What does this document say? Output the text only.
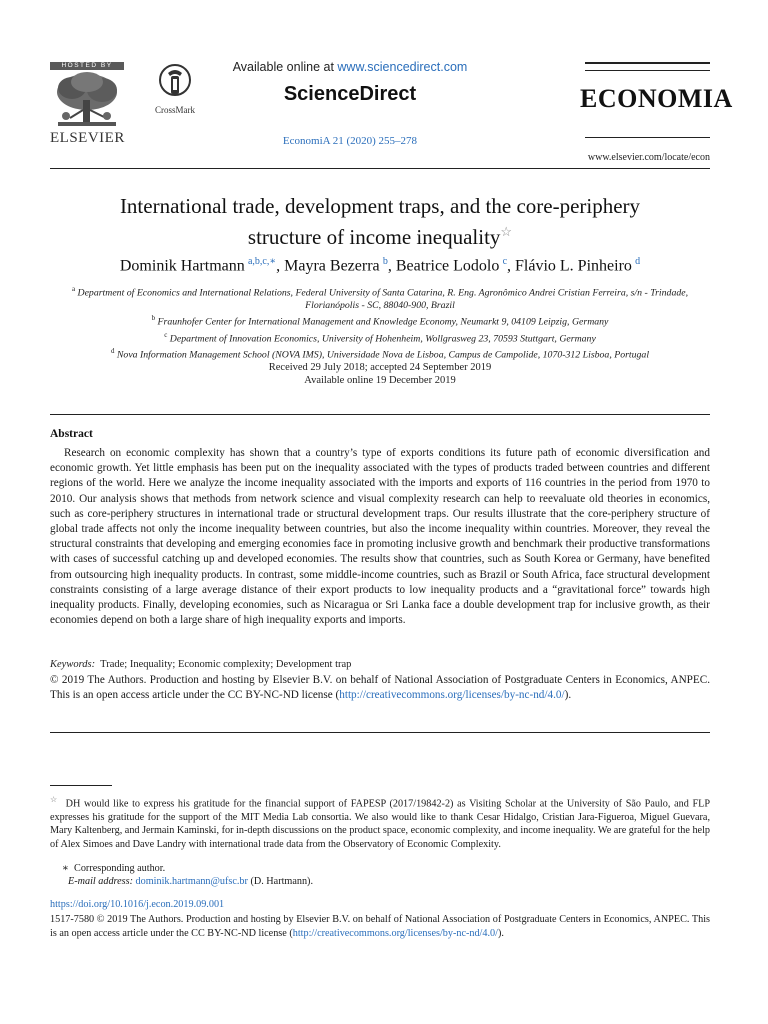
HOSTED BY
ELSEVIER
CrossMark
Available online at www.sciencedirect.com
ScienceDirect
EconomiA 21 (2020) 255–278
ECONOMIA
www.elsevier.com/locate/econ
International trade, development traps, and the core-periphery
structure of income inequality☆
Dominik Hartmann  $^{a,b,c,∗}$, Mayra Bezerra  $^b$, Beatrice Lodolo  $^c$, Flávio L. Pinheiro  $^d$

$^a$ Department of Economics and International Relations, Federal University of Santa Catarina, R. Eng. Agronômico Andrei Cristian Ferreira, s/n - Trindade, Florianópolis - SC, 88040-900, Brazil

$^b$ Fraunhofer Center for International Management and Knowledge Economy, Neumarkt 9, 04109 Leipzig, Germany

$^c$ Department of Innovation Economics, University of Hohenheim, Wollgrasweg 23, 70593 Stuttgart, Germany

$^d$ Nova Information Management School (NOVA IMS), Universidade Nova de Lisboa, Campus de Campolide, 1070-312 Lisboa, Portugal

Received 29 July 2018; accepted 24 September 2019
Available online 19 December 2019
Abstract

Research on economic complexity has shown that a country’s type of exports conditions its future path of economic diversification and economic growth. Yet little emphasis has been put on the inequality associated with the types of products traded between countries and different regions of the world. Here we analyze the income inequality associated with the imports and exports of 116 countries in the period from 1970 to 2010. Our analysis shows that methods from network science and visual complexity research can help to reevaluate old theories in economics, such as core-periphery structures in international trade or structural development traps. Our results illustrate that the core-periphery structure of global trade affects not only the income inequality between countries, but also the income inequality within countries. Moreover, they reveal the structural constraints that developing and emerging economies face in promoting inclusive growth and benchmark their productive transformations with cases of successful catching up and developed economies. The results show that countries, such as South Korea or Germany, have benefited from outsourcing high inequality products. In contrast, some middle-income countries, such as Brazil or South Africa, face structural development constraints consisting of a large average distance of their export products to low inequality products and a “gravitational force” towards high inequality products. Finally, developing economies, such as Nicaragua or Sri Lanka face a double development trap for inclusive growth, as their economies depend on both a large share of high inequality exports and imports.

Keywords: Trade; Inequality; Economic complexity; Development trap

© 2019 The Authors. Production and hosting by Elsevier B.V. on behalf of National Association of Postgraduate Centers in Economics, ANPEC. This is an open access article under the CC BY-NC-ND license (http://creativecommons.org/licenses/by-nc-nd/4.0/).

☆ DH would like to express his gratitude for the financial support of FAPESP (2017/19842-2) as Visiting Scholar at the University of São Paulo, and FLP expresses his gratitude for the support of the MIT Media Lab consortia. We also would like to thank Cesar Hidalgo, Cristian Jara-Figueroa, Miguel Guevara, Mary Kaltenberg, and Jermain Kaminski, for in-depth discussions on the product space, economic complexity, and income inequality. We are grateful for the help of Alex Simoes and Dave Landry with international trade data from the Observatory of Economic Complexity.

∗ Corresponding author.
E-mail address: dominik.hartmann@ufsc.br (D. Hartmann).
https://doi.org/10.1016/j.econ.2019.09.001

1517-7580 © 2019 The Authors. Production and hosting by Elsevier B.V. on behalf of National Association of Postgraduate Centers in Economics, ANPEC. This is an open access article under the CC BY-NC-ND license (http://creativecommons.org/licenses/by-nc-nd/4.0/).
